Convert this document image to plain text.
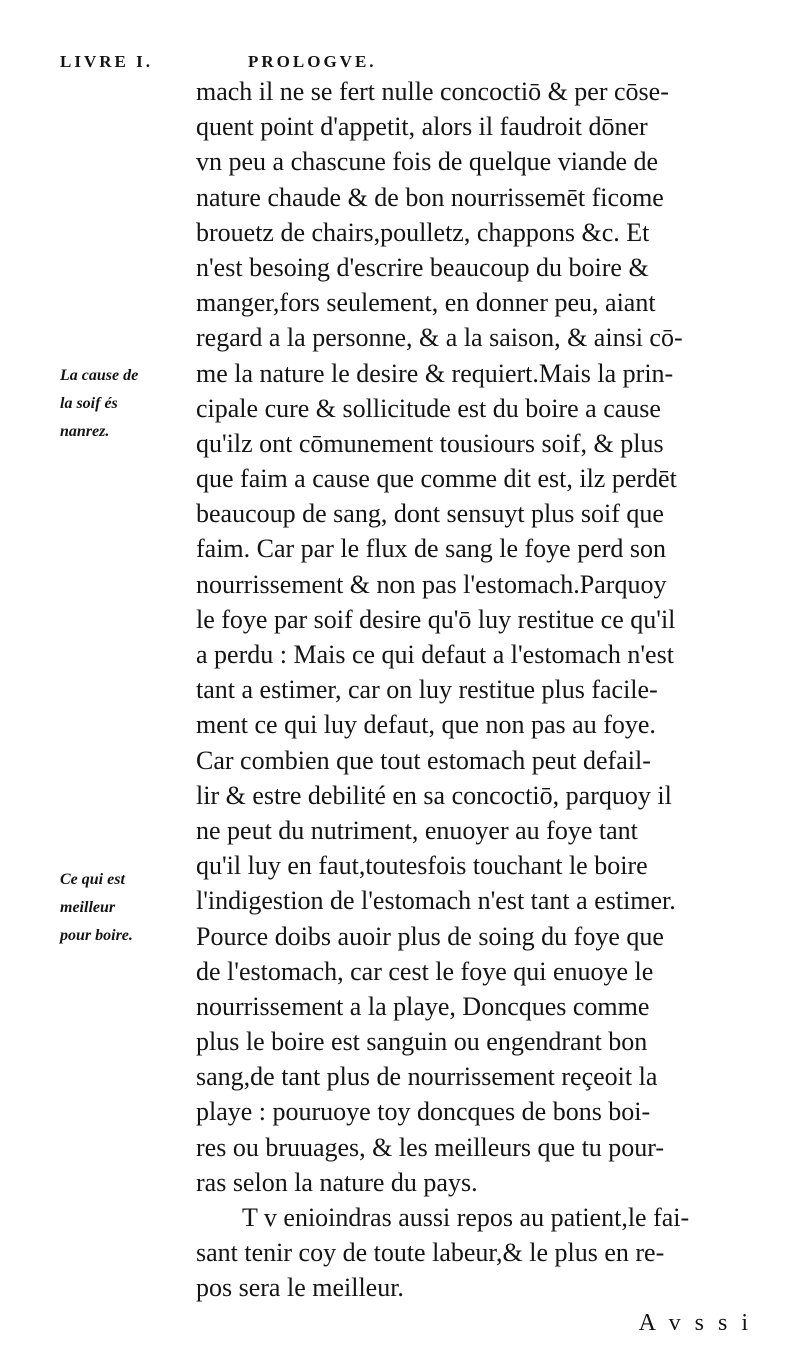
LIVRE I.	PROLOGVE.
La cause de
la soif és
nanrez.
Ce qui est
meilleur
pour boire.
mach il ne se fert nulle concoctiō & per cōse-
quent point d'appetit, alors il faudroit dōner
vn peu a chascune fois de quelque viande de
nature chaude & de bon nourrissemēt ficome
brouetz de chairs,poulletz, chappons &c. Et
n'est besoing d'escrire beaucoup du boire &
manger,fors seulement, en donner peu, aiant
regard a la personne, & a la saison, & ainsi cō-
me la nature le desire & requiert.Mais la prin-
cipale cure & sollicitude est du boire a cause
qu'ilz ont cōmunement tousiours soif, & plus
que faim a cause que comme dit est, ilz perdēt
beaucoup de sang, dont sensuyt plus soif que
faim. Car par le flux de sang le foye perd son
nourrissement & non pas l'estomach.Parquoy
le foye par soif desire qu'ō luy restitue ce qu'il
a perdu : Mais ce qui defaut a l'estomach n'est
tant a estimer, car on luy restitue plus facile-
ment ce qui luy defaut, que non pas au foye.
Car combien que tout estomach peut defail-
lir & estre debilité en sa concoctiō, parquoy il
ne peut du nutriment, enuoyer au foye tant
qu'il luy en faut,toutesfois touchant le boire
l'indigestion de l'estomach n'est tant a estimer.
Pource doibs auoir plus de soing du foye que
de l'estomach, car cest le foye qui enuoye le
nourrissement a la playe, Doncques comme
plus le boire est sanguin ou engendrant bon
sang,de tant plus de nourrissement reçeoit la
playe : pouruoye toy doncques de bons boi-
res ou bruuages, & les meilleurs que tu pour-
ras selon la nature du pays.
T v enioindras aussi repos au patient,le fai-
sant tenir coy de toute labeur,& le plus en re-
pos sera le meilleur.
A v s s i
